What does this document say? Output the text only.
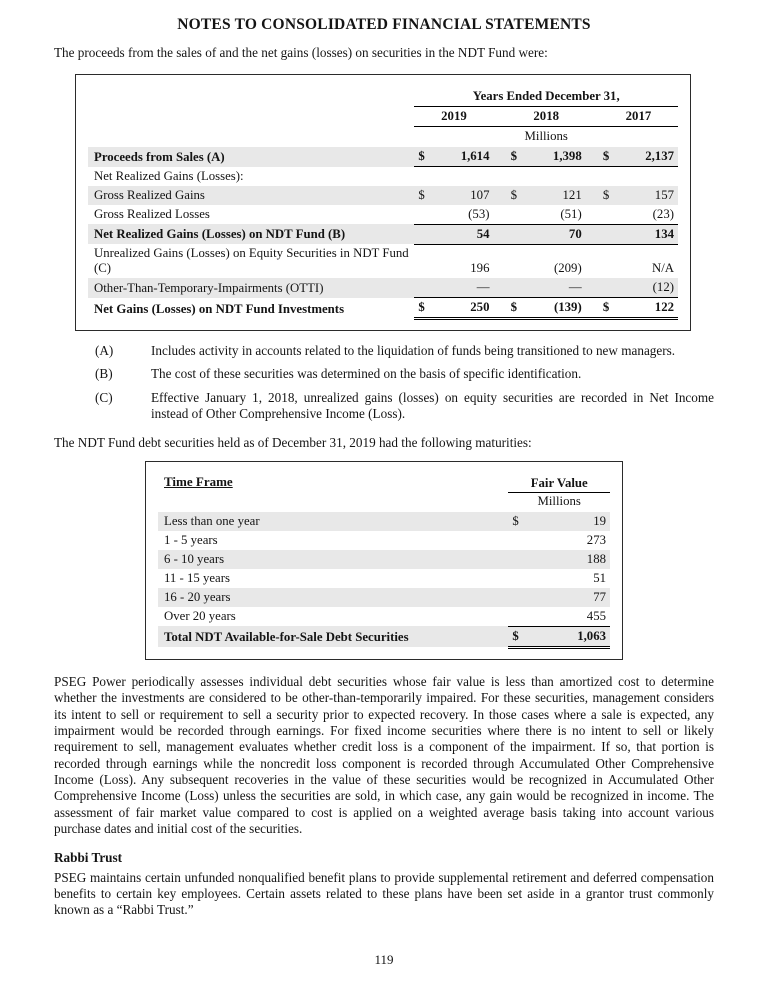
NOTES TO CONSOLIDATED FINANCIAL STATEMENTS

The proceeds from the sales of and the net gains (losses) on securities in the NDT Fund were:

	Years Ended December 31,							
	2019			2018			2017	
	Millions							
Proceeds from Sales (A)	$	1,614		$	1,398		$	2,137
Net Realized Gains (Losses):								
Gross Realized Gains	$	107		$	121		$	157
Gross Realized Losses		(53)			(51)			(23)
Net Realized Gains (Losses) on NDT Fund (B)		54			70			134
Unrealized Gains (Losses) on Equity Securities in NDT Fund (C)		196			(209)			N/A
Other-Than-Temporary-Impairments (OTTI)		—			—			(12)
Net Gains (Losses) on NDT Fund Investments	$	250		$	(139)		$	122
(A)	Includes activity in accounts related to the liquidation of funds being transitioned to new managers.
(B)	The cost of these securities was determined on the basis of specific identification.
(C)	Effective January 1, 2018, unrealized gains (losses) on equity securities are recorded in Net Income instead of Other Comprehensive Income (Loss).

The NDT Fund debt securities held as of December 31, 2019 had the following maturities:

Time Frame	Fair Value	
	Millions	
Less than one year	$	19
1 - 5 years		273
6 - 10 years		188
11 - 15 years		51
16 - 20 years		77
Over 20 years		455
Total NDT Available-for-Sale Debt Securities	$	1,063

PSEG Power periodically assesses individual debt securities whose fair value is less than amortized cost to determine whether the investments are considered to be other-than-temporarily impaired. For these securities, management considers its intent to sell or requirement to sell a security prior to expected recovery. In those cases where a sale is expected, any impairment would be recorded through earnings. For fixed income securities where there is no intent to sell or likely requirement to sell, management evaluates whether credit loss is a component of the impairment. If so, that portion is recorded through earnings while the noncredit loss component is recorded through Accumulated Other Comprehensive Income (Loss). Any subsequent recoveries in the value of these securities would be recognized in Accumulated Other Comprehensive Income (Loss) unless the securities are sold, in which case, any gain would be recognized in income. The assessment of fair market value compared to cost is applied on a weighted average basis taking into account various purchase dates and initial cost of the securities.

Rabbi Trust

PSEG maintains certain unfunded nonqualified benefit plans to provide supplemental retirement and deferred compensation benefits to certain key employees. Certain assets related to these plans have been set aside in a grantor trust commonly known as a “Rabbi Trust.”

119
